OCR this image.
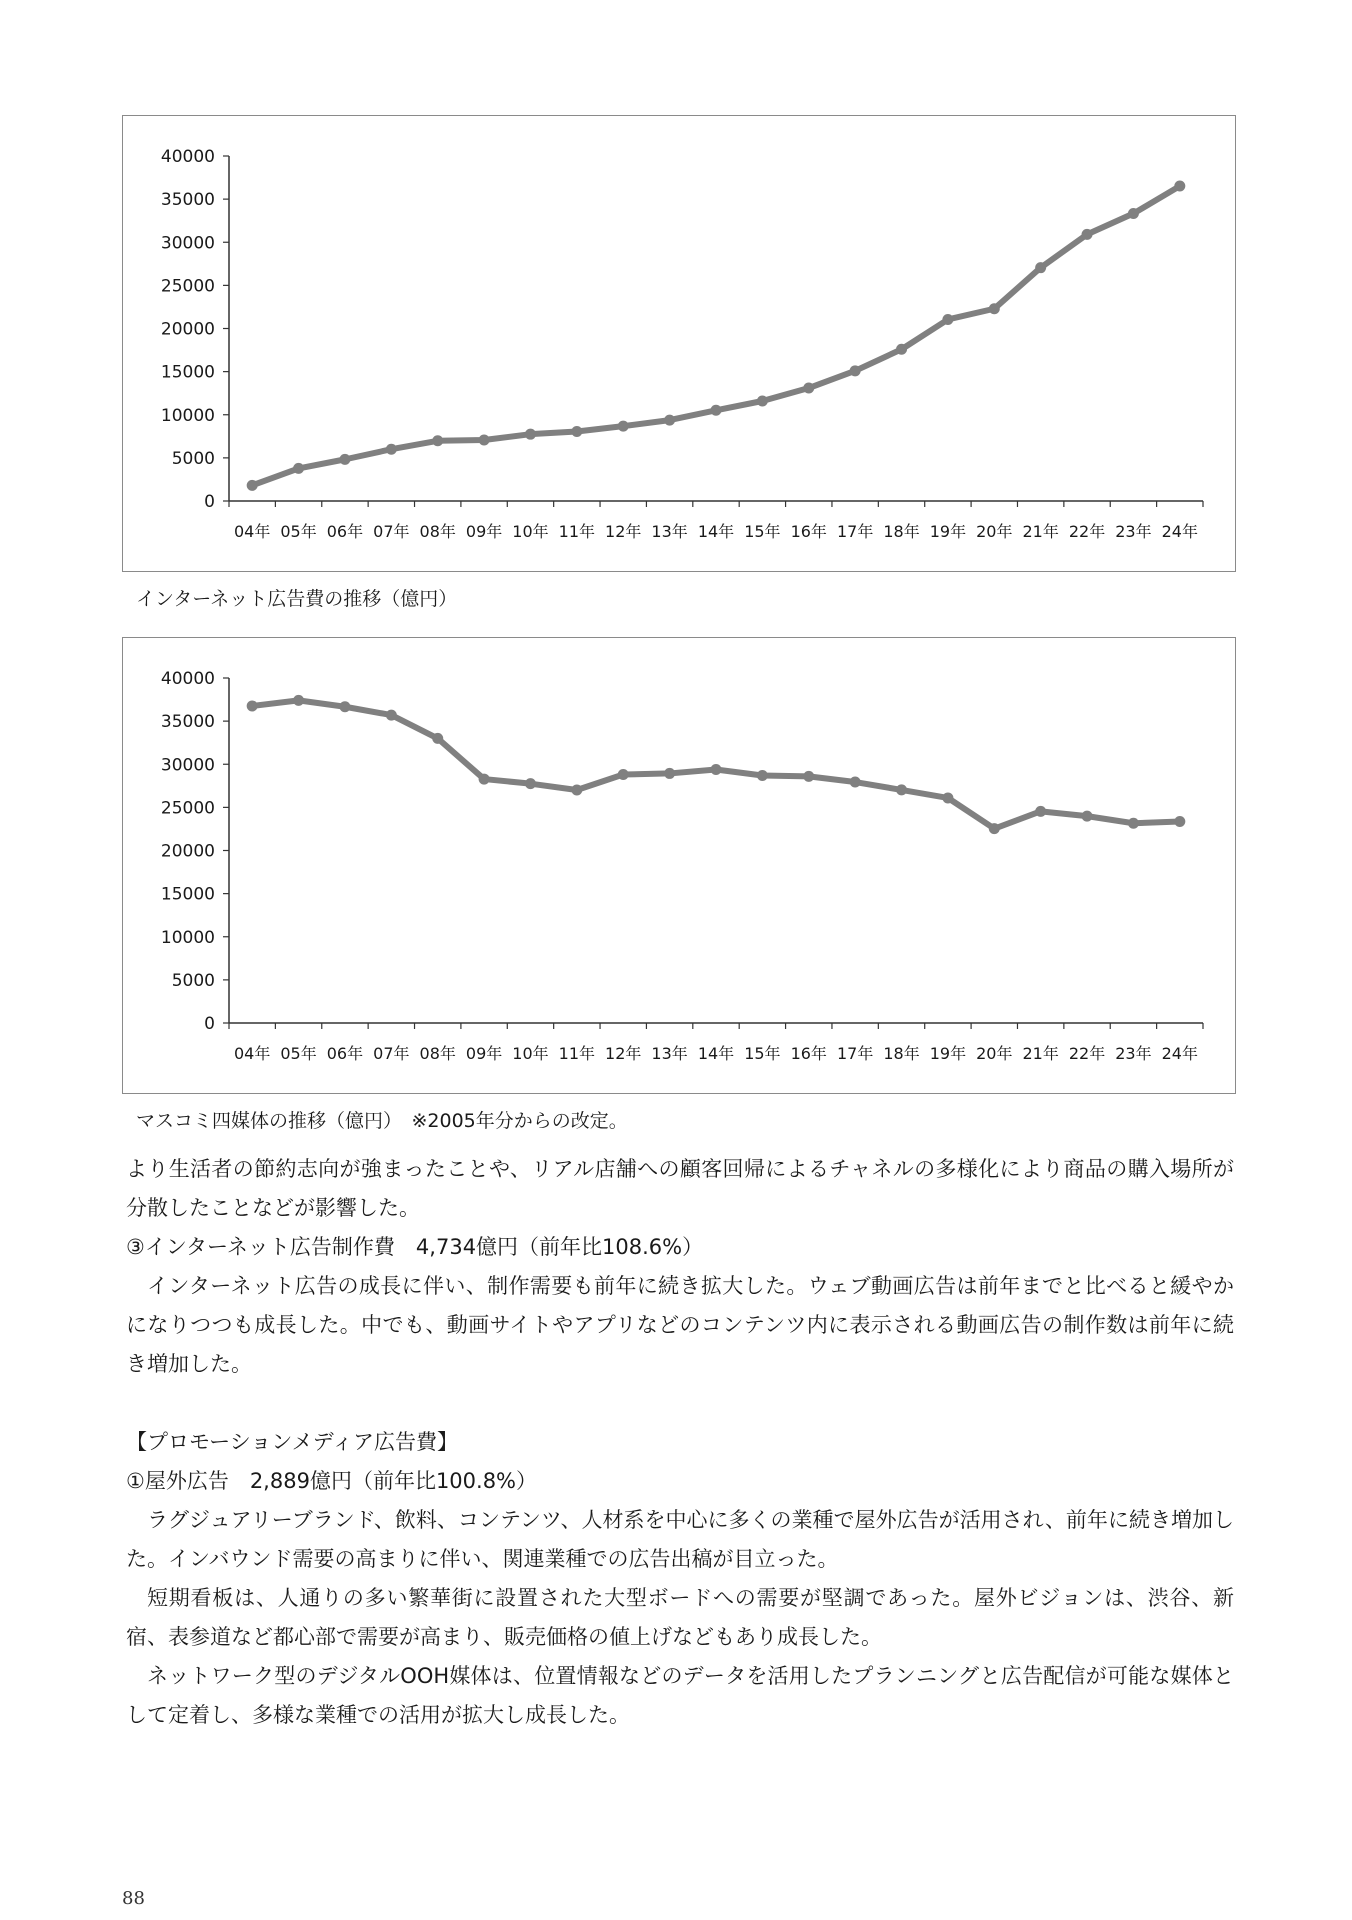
0
5000
10000
15000
20000
25000
30000
35000
40000
04年 05年 06年 07年 08年 09年 10年 11年 12年 13年 14年 15年 16年 17年 18年 19年 20年 21年 22年 23年 24年
インターネット広告費の推移（億円）
0
5000
10000
15000
20000
25000
30000
35000
40000
04年 05年 06年 07年 08年 09年 10年 11年 12年 13年 14年 15年 16年 17年 18年 19年 20年 21年 22年 23年 24年
マスコミ四媒体の推移（億円）　※2005年分からの改定。

より生活者の節約志向が強まったことや、リアル店舗への顧客回帰によるチャネルの多様化により商品の購入場所が分散したことなどが影響した。

③インターネット広告制作費　4,734億円（前年比108.6%）

インターネット広告の成長に伴い、制作需要も前年に続き拡大した。ウェブ動画広告は前年までと比べると緩やかになりつつも成長した。中でも、動画サイトやアプリなどのコンテンツ内に表示される動画広告の制作数は前年に続き増加した。

【プロモーションメディア広告費】

①屋外広告　2,889億円（前年比100.8%）

ラグジュアリーブランド、飲料、コンテンツ、人材系を中心に多くの業種で屋外広告が活用され、前年に続き増加した。インバウンド需要の高まりに伴い、関連業種での広告出稿が目立った。

短期看板は、人通りの多い繁華街に設置された大型ボードへの需要が堅調であった。屋外ビジョンは、渋谷、新宿、表参道など都心部で需要が高まり、販売価格の値上げなどもあり成長した。

ネットワーク型のデジタルOOH媒体は、位置情報などのデータを活用したプランニングと広告配信が可能な媒体として定着し、多様な業種での活用が拡大し成長した。

88
